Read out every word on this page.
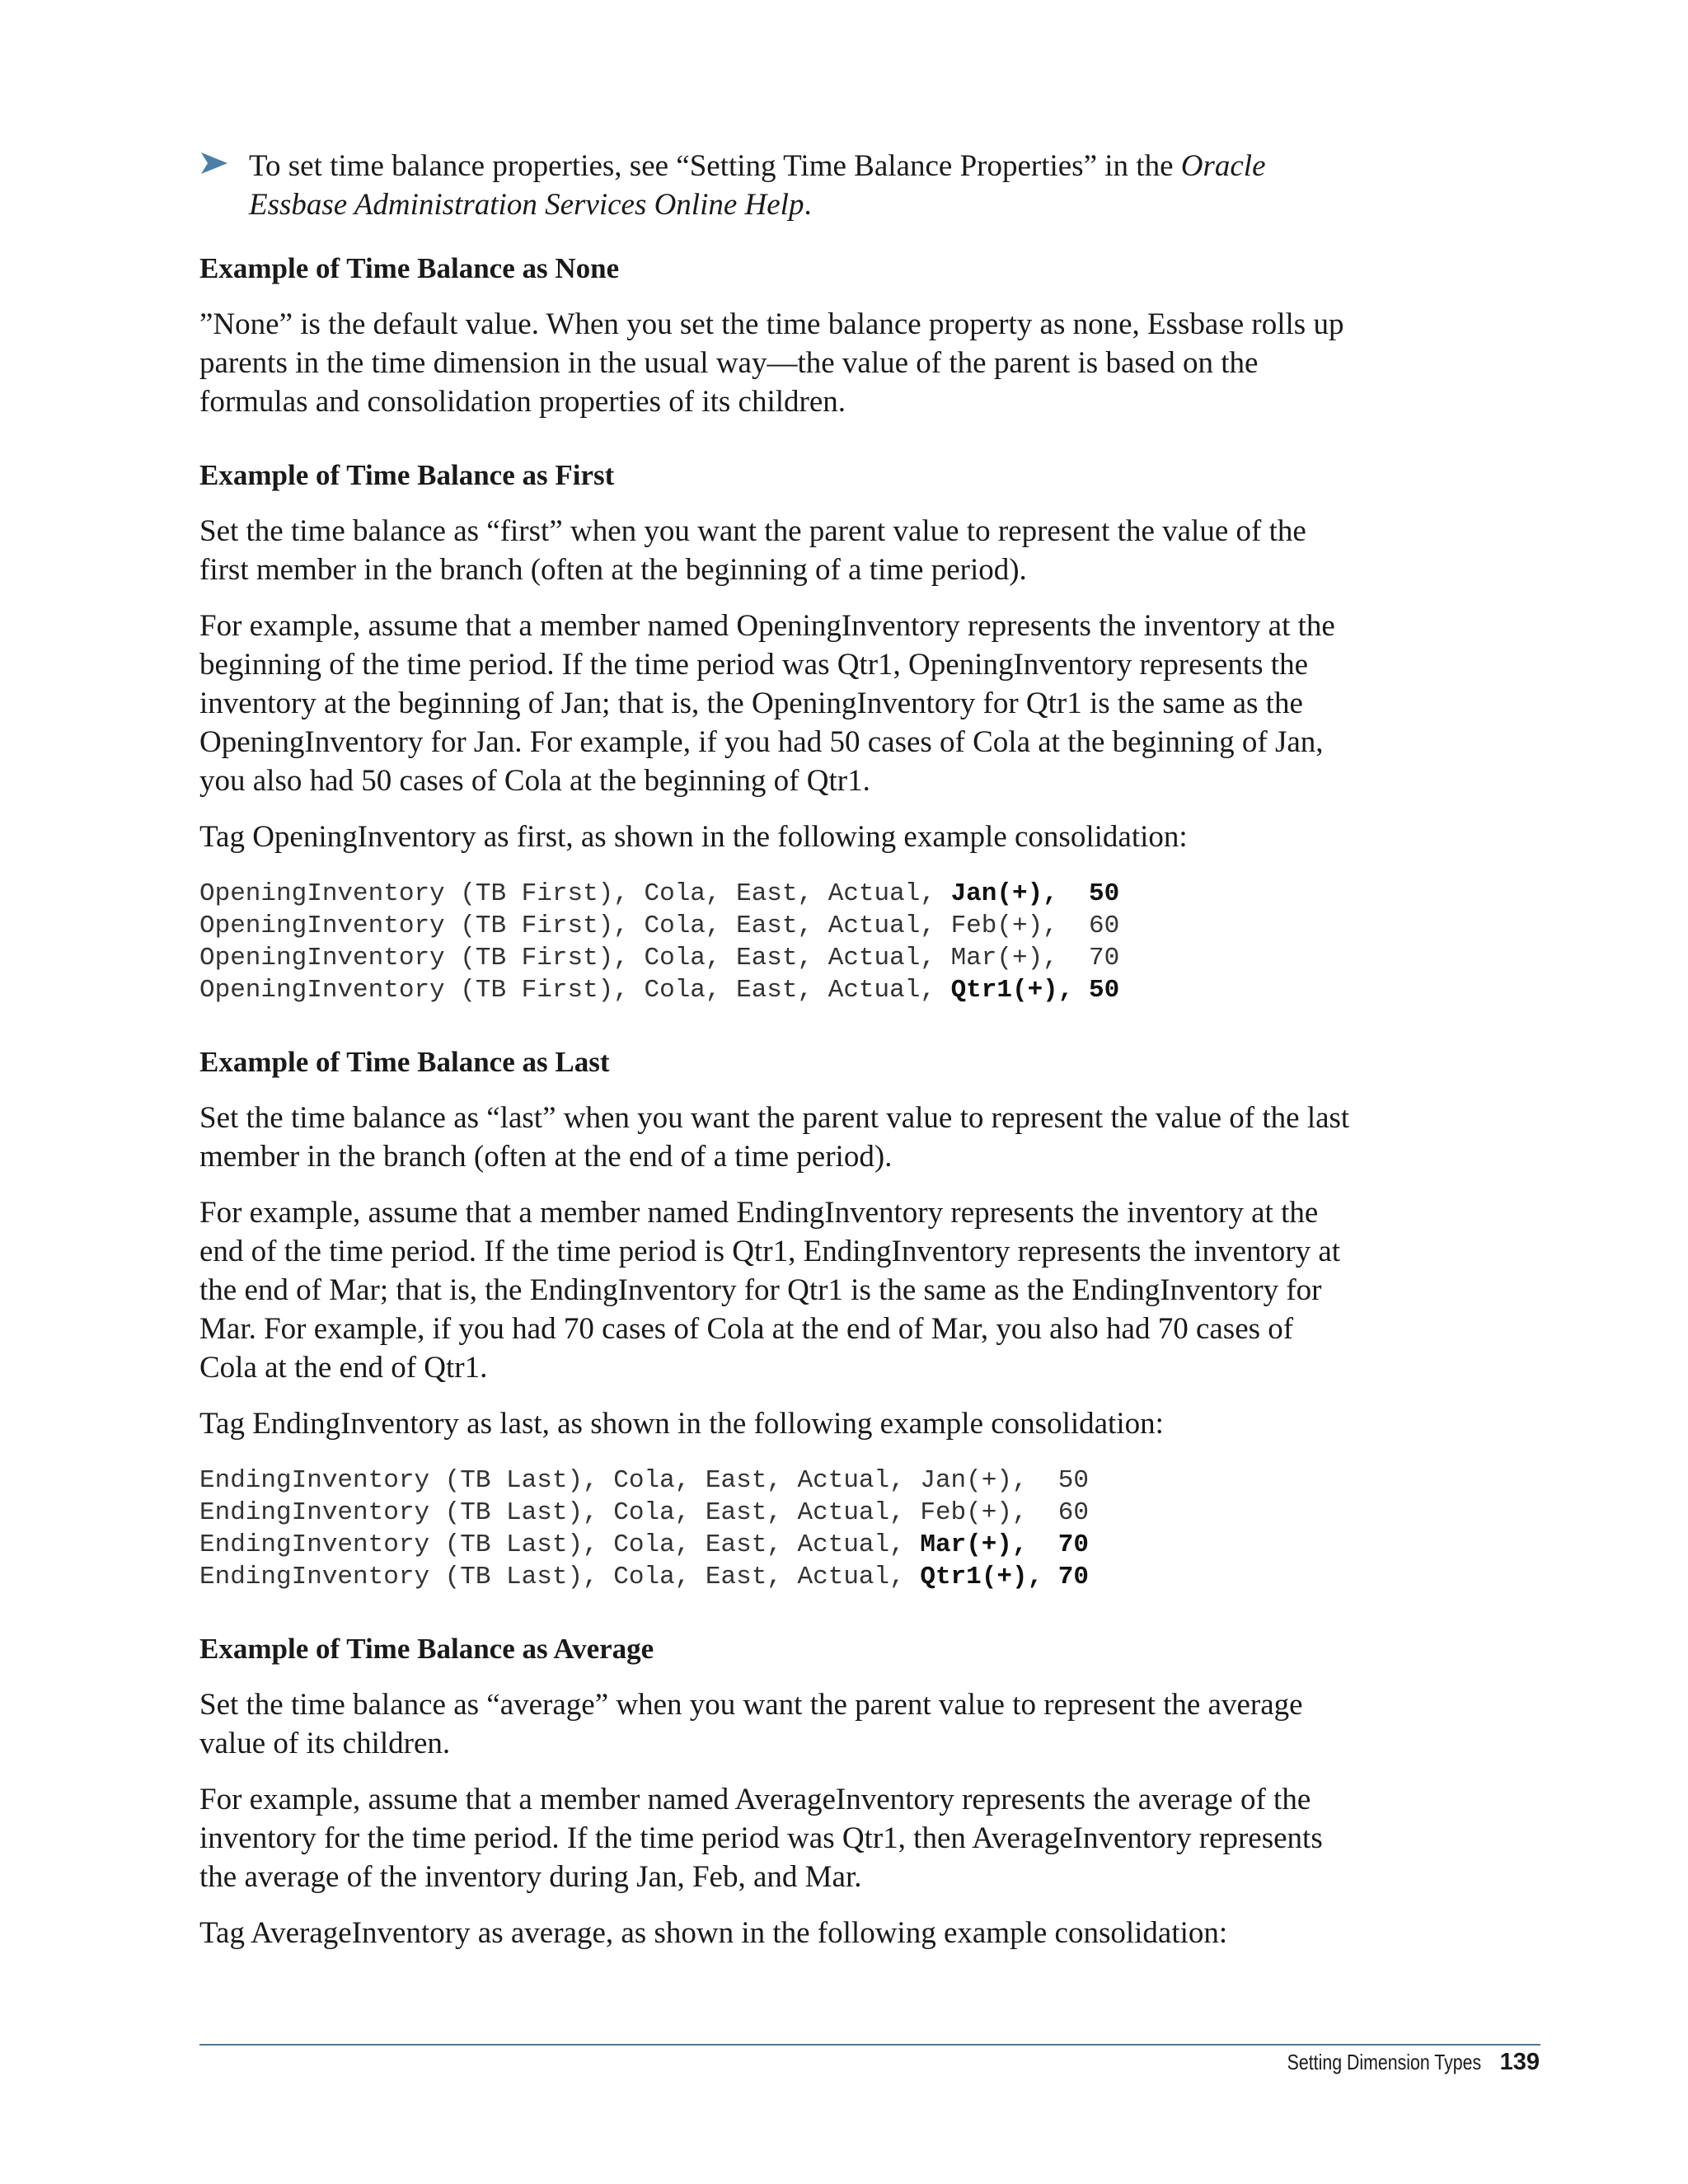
To set time balance properties, see “Setting Time Balance Properties” in the Oracle Essbase Administration Services Online Help.
Example of Time Balance as None

”None” is the default value. When you set the time balance property as none, Essbase rolls up parents in the time dimension in the usual way—the value of the parent is based on the formulas and consolidation properties of its children.

Example of Time Balance as First

Set the time balance as “first” when you want the parent value to represent the value of the first member in the branch (often at the beginning of a time period).

For example, assume that a member named OpeningInventory represents the inventory at the beginning of the time period. If the time period was Qtr1, OpeningInventory represents the inventory at the beginning of Jan; that is, the OpeningInventory for Qtr1 is the same as the OpeningInventory for Jan. For example, if you had 50 cases of Cola at the beginning of Jan, you also had 50 cases of Cola at the beginning of Qtr1.

Tag OpeningInventory as first, as shown in the following example consolidation:

OpeningInventory (TB First), Cola, East, Actual, Jan(+), 50
OpeningInventory (TB First), Cola, East, Actual, Feb(+), 60
OpeningInventory (TB First), Cola, East, Actual, Mar(+), 70
OpeningInventory (TB First), Cola, East, Actual, Qtr1(+), 50
Example of Time Balance as Last

Set the time balance as “last” when you want the parent value to represent the value of the last member in the branch (often at the end of a time period).

For example, assume that a member named EndingInventory represents the inventory at the end of the time period. If the time period is Qtr1, EndingInventory represents the inventory at the end of Mar; that is, the EndingInventory for Qtr1 is the same as the EndingInventory for Mar. For example, if you had 70 cases of Cola at the end of Mar, you also had 70 cases of Cola at the end of Qtr1.

Tag EndingInventory as last, as shown in the following example consolidation:

EndingInventory (TB Last), Cola, East, Actual, Jan(+), 50
EndingInventory (TB Last), Cola, East, Actual, Feb(+), 60
EndingInventory (TB Last), Cola, East, Actual, Mar(+), 70
EndingInventory (TB Last), Cola, East, Actual, Qtr1(+), 70
Example of Time Balance as Average

Set the time balance as “average” when you want the parent value to represent the average value of its children.

For example, assume that a member named AverageInventory represents the average of the inventory for the time period. If the time period was Qtr1, then AverageInventory represents the average of the inventory during Jan, Feb, and Mar.

Tag AverageInventory as average, as shown in the following example consolidation:

Setting Dimension Types 139
